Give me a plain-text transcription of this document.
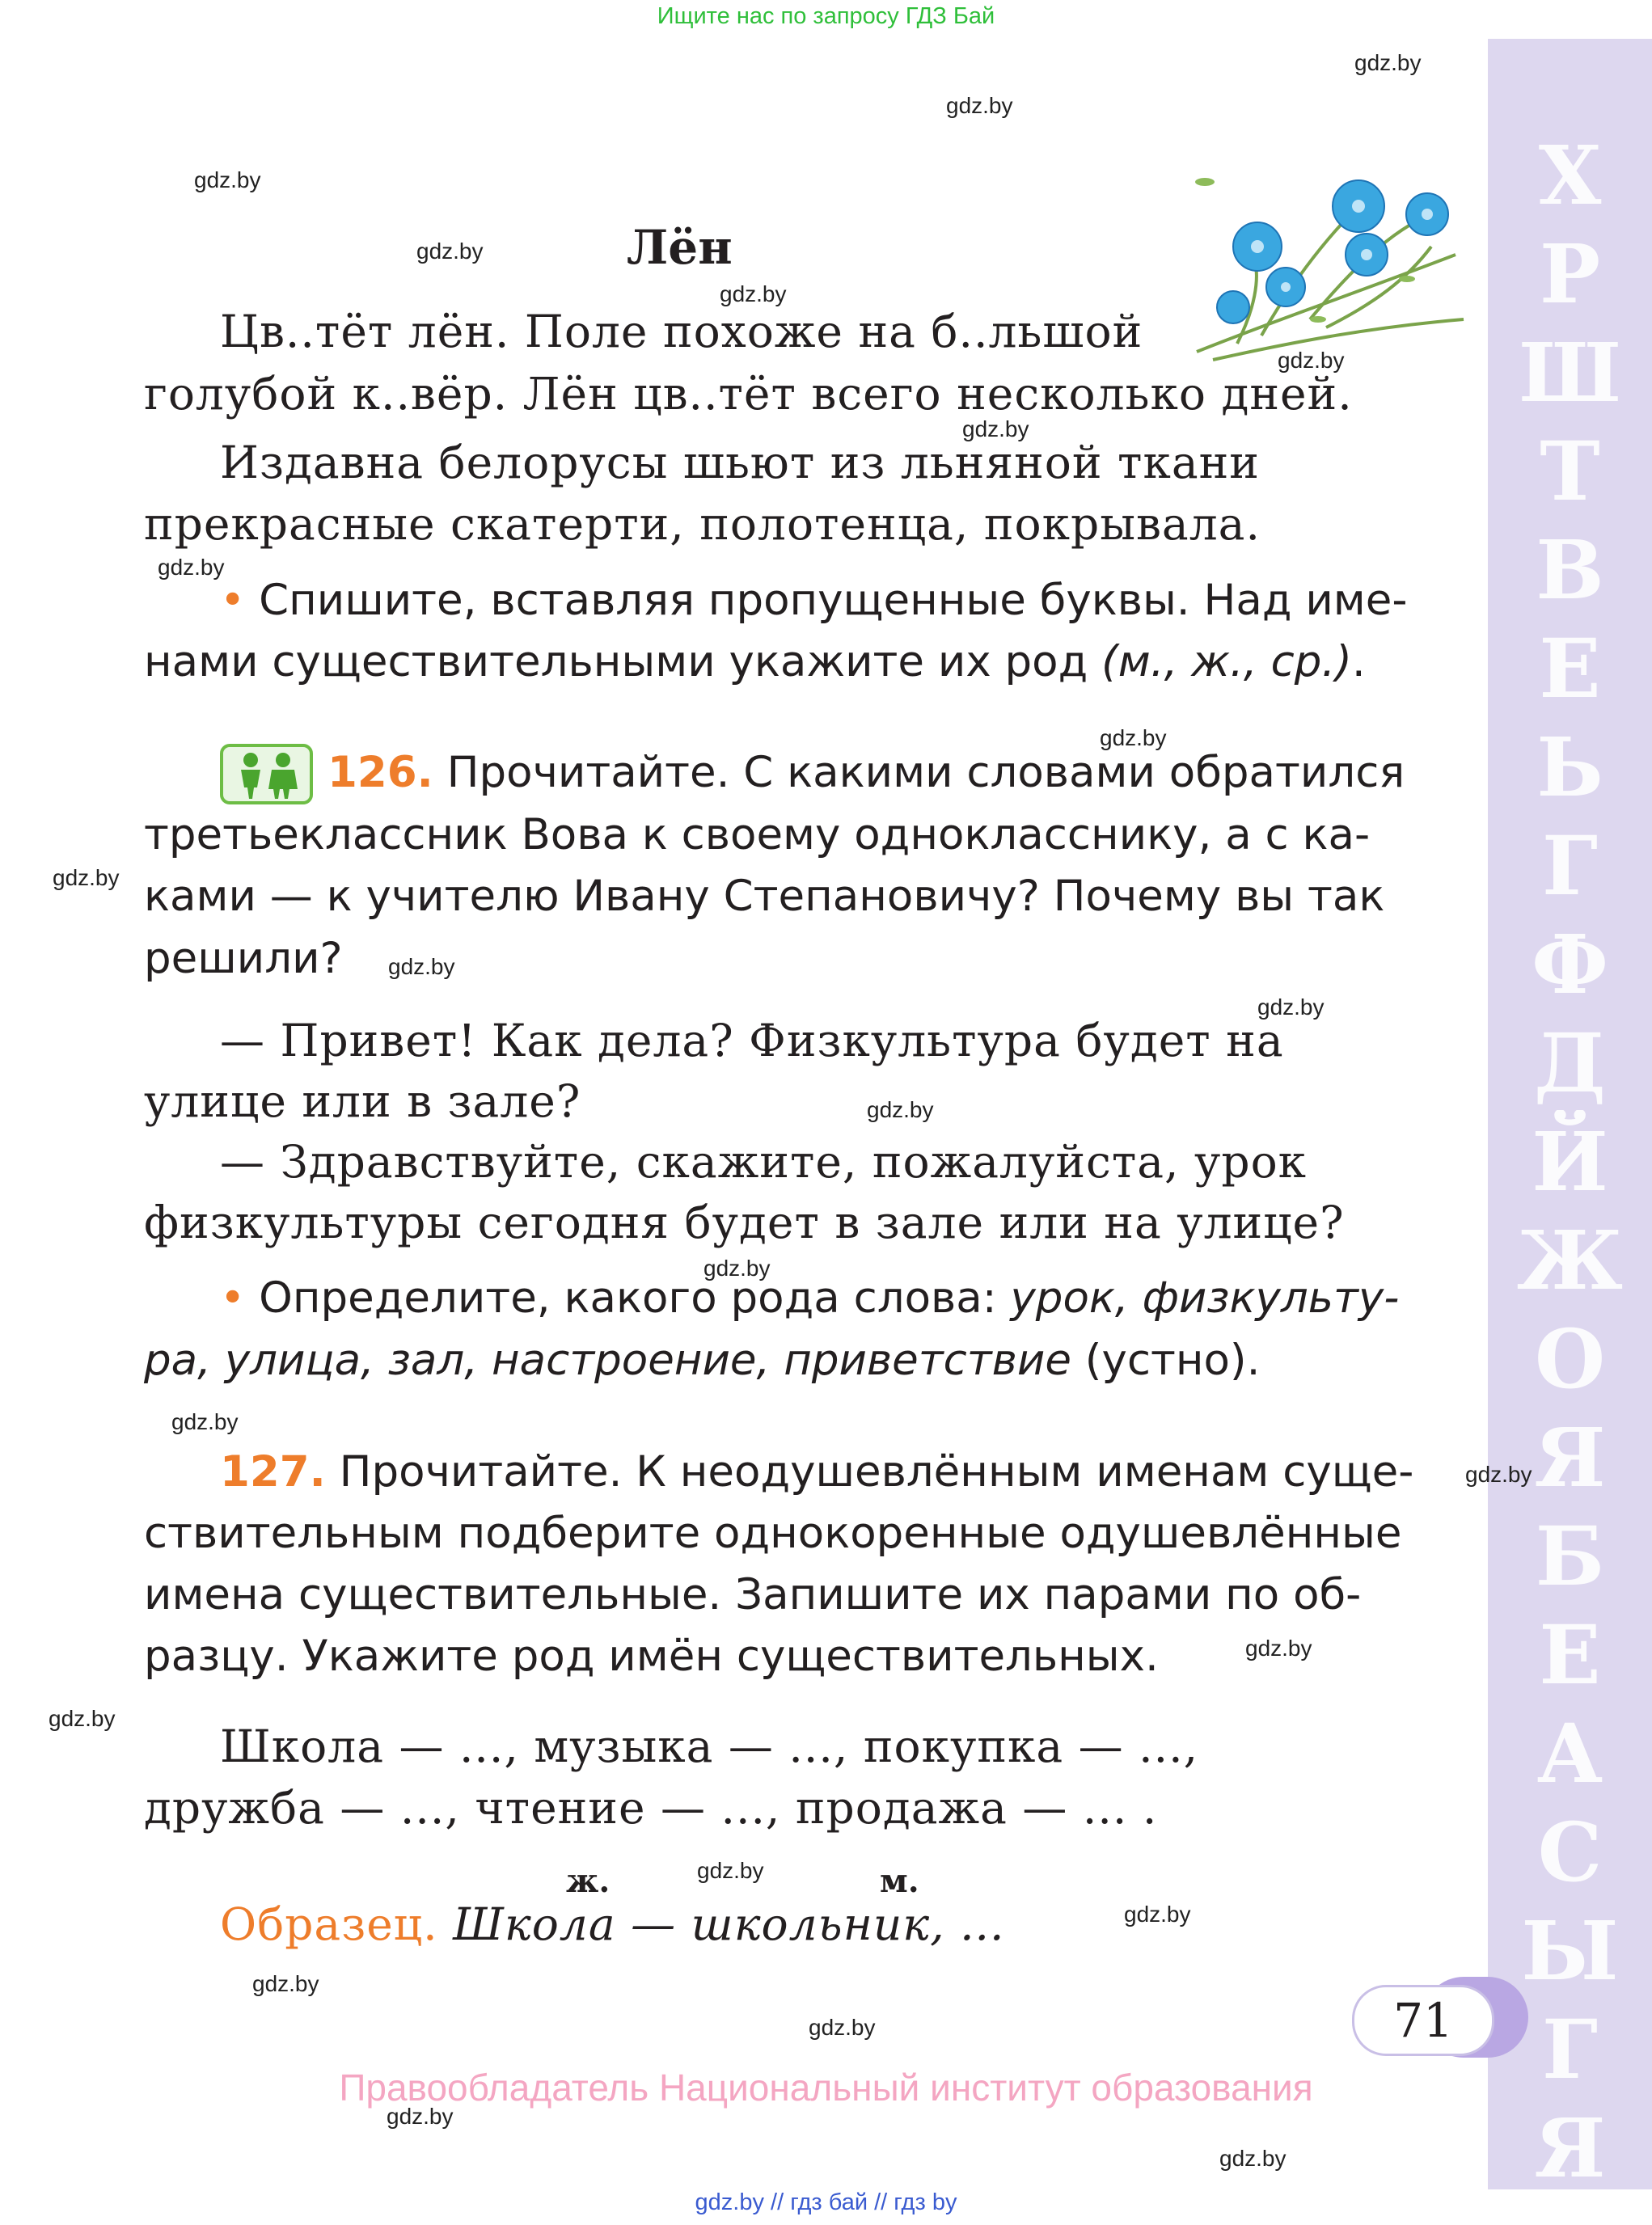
Ищите нас по запросу ГДЗ Бай
Х
Р
Ш
Т
В
Е
Ь
Г
Ф
Д
Й
Ж
О
Я
Б
Е
А
С
Ы
Г
Я
gdz.by
gdz.by
gdz.by
gdz.by
gdz.by
gdz.by
gdz.by
gdz.by
gdz.by
gdz.by
gdz.by
gdz.by
gdz.by
gdz.by
gdz.by
gdz.by
gdz.by
gdz.by
gdz.by
gdz.by
gdz.by
gdz.by
gdz.by
gdz.by
Лён
Цв..тёт лён. Поле похоже на б..льшой
голубой к..вёр. Лён цв..тёт всего несколько дней.
Издавна белорусы шьют из льняной ткани
прекрасные скатерти, полотенца, покрывала.
• Спишите, вставляя пропущенные буквы. Над име-
нами существительными укажите их род (м., ж., ср.).
126. Прочитайте. С какими словами обратился
третьеклассник Вова к своему однокласснику, а с ка-
ками — к учителю Ивану Степановичу? Почему вы так
решили?
— Привет! Как дела? Физкультура будет на
улице или в зале?
— Здравствуйте, скажите, пожалуйста, урок
физкультуры сегодня будет в зале или на улице?
• Определите, какого рода слова: урок, физкульту-
ра, улица, зал, настроение, приветствие (устно).
127. Прочитайте. К неодушевлённым именам суще-
ствительным подберите однокоренные одушевлённые
имена существительные. Запишите их парами по об-
разцу. Укажите род имён существительных.
Школа — ..., музыка — ..., покупка — ...,
дружба — ..., чтение — ..., продажа — ... .
ж.	м.
Образец. Школа — школьник, ...
71
Правообладатель Национальный институт образования
gdz.by // гдз бай // гдз by
